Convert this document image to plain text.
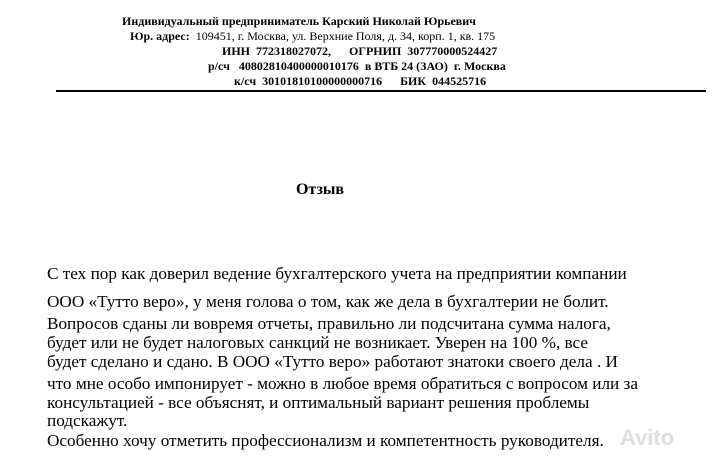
Индивидуальный предприниматель Карский Николай Юрьевич
Юр. адрес: 109451, г. Москва, ул. Верхние Поля, д. 34, корп. 1, кв. 175
ИНН  772318027072,      ОГРНИП  307770000524427
р/сч   40802810400000010176  в ВТБ 24 (ЗАО)  г. Москва
к/сч  30101810100000000716      БИК  044525716
Отзыв
С тех пор как доверил ведение бухгалтерского учета на предприятии компании
ООО «Тутто веро», у меня голова о том, как же дела в бухгалтерии не болит.
Вопросов сданы ли вовремя отчеты, правильно ли подсчитана сумма налога,
будет или не будет налоговых санкций не возникает. Уверен на 100 %, все
будет сделано и сдано. В ООО «Тутто веро» работают знатоки своего дела . И
что мне особо импонирует - можно в любое время обратиться с вопросом или за
консультацией - все объяснят, и оптимальный вариант решения проблемы
подскажут.
Особенно хочу отметить профессионализм и компетентность руководителя. Avito
